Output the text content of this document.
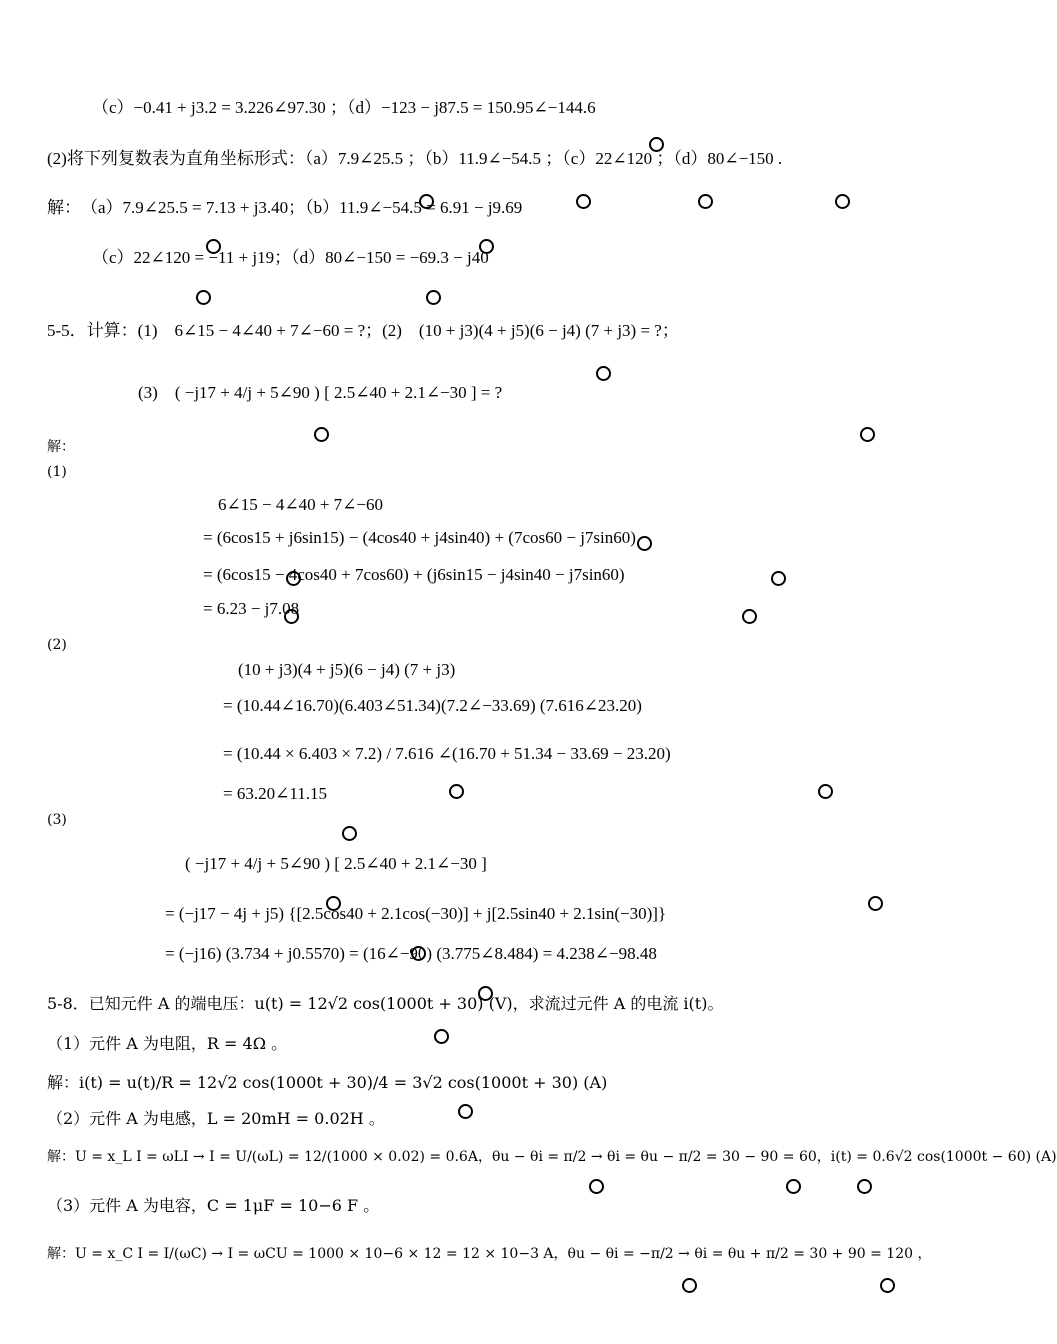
（c）−0.41 + j3.2 = 3.226∠97.30 ；（d）−123 − j87.5 = 150.95∠−144.6
(2)将下列复数表为直角坐标形式：（a）7.9∠25.5 ；（b）11.9∠−54.5 ；（c）22∠120 ；（d）80∠−150 .
解：　（a）7.9∠25.5 = 7.13 + j3.40；（b）11.9∠−54.5 = 6.91 − j9.69
（c）22∠120 = −11 + j19；（d）80∠−150 = −69.3 − j40
5-5．计算：(1)　6∠15 − 4∠40 + 7∠−60 = ?；(2)　(10 + j3)(4 + j5)(6 − j4) (7 + j3) = ?；
(3)　( −j17 + 4/j + 5∠90 ) [ 2.5∠40 + 2.1∠−30 ] = ?
解：
(1)
6∠15 − 4∠40 + 7∠−60
= (6cos15 + j6sin15) − (4cos40 + j4sin40) + (7cos60 − j7sin60)
= (6cos15 − 4cos40 + 7cos60) + (j6sin15 − j4sin40 − j7sin60)
= 6.23 − j7.08
(2)
(10 + j3)(4 + j5)(6 − j4) (7 + j3)
= (10.44∠16.70)(6.403∠51.34)(7.2∠−33.69) (7.616∠23.20)
= (10.44 × 6.403 × 7.2) / 7.616 ∠(16.70 + 51.34 − 33.69 − 23.20)
= 63.20∠11.15
(3)
( −j17 + 4/j + 5∠90 ) [ 2.5∠40 + 2.1∠−30 ]
= (−j17 − 4j + j5) {[2.5cos40 + 2.1cos(−30)] + j[2.5sin40 + 2.1sin(−30)]}
= (−j16) (3.734 + j0.5570) = (16∠−90) (3.775∠8.484) = 4.238∠−98.48
5-8．已知元件 A 的端电压：u(t) = 12√2 cos(1000t + 30) (V)，求流过元件 A 的电流 i(t)。
（1）元件 A 为电阻，R = 4Ω 。
解：i(t) = u(t)/R = 12√2 cos(1000t + 30)/4 = 3√2 cos(1000t + 30) (A)
（2）元件 A 为电感，L = 20mH = 0.02H 。
解：U = x_L I = ωLI → I = U/(ωL) = 12/(1000 × 0.02) = 0.6A，θu − θi = π/2 → θi = θu − π/2 = 30 − 90 = 60，i(t) = 0.6√2 cos(1000t − 60) (A)
（3）元件 A 为电容，C = 1μF = 10−6 F 。
解：U = x_C I = I/(ωC) → I = ωCU = 1000 × 10−6 × 12 = 12 × 10−3 A，θu − θi = −π/2 → θi = θu + π/2 = 30 + 90 = 120 ，
